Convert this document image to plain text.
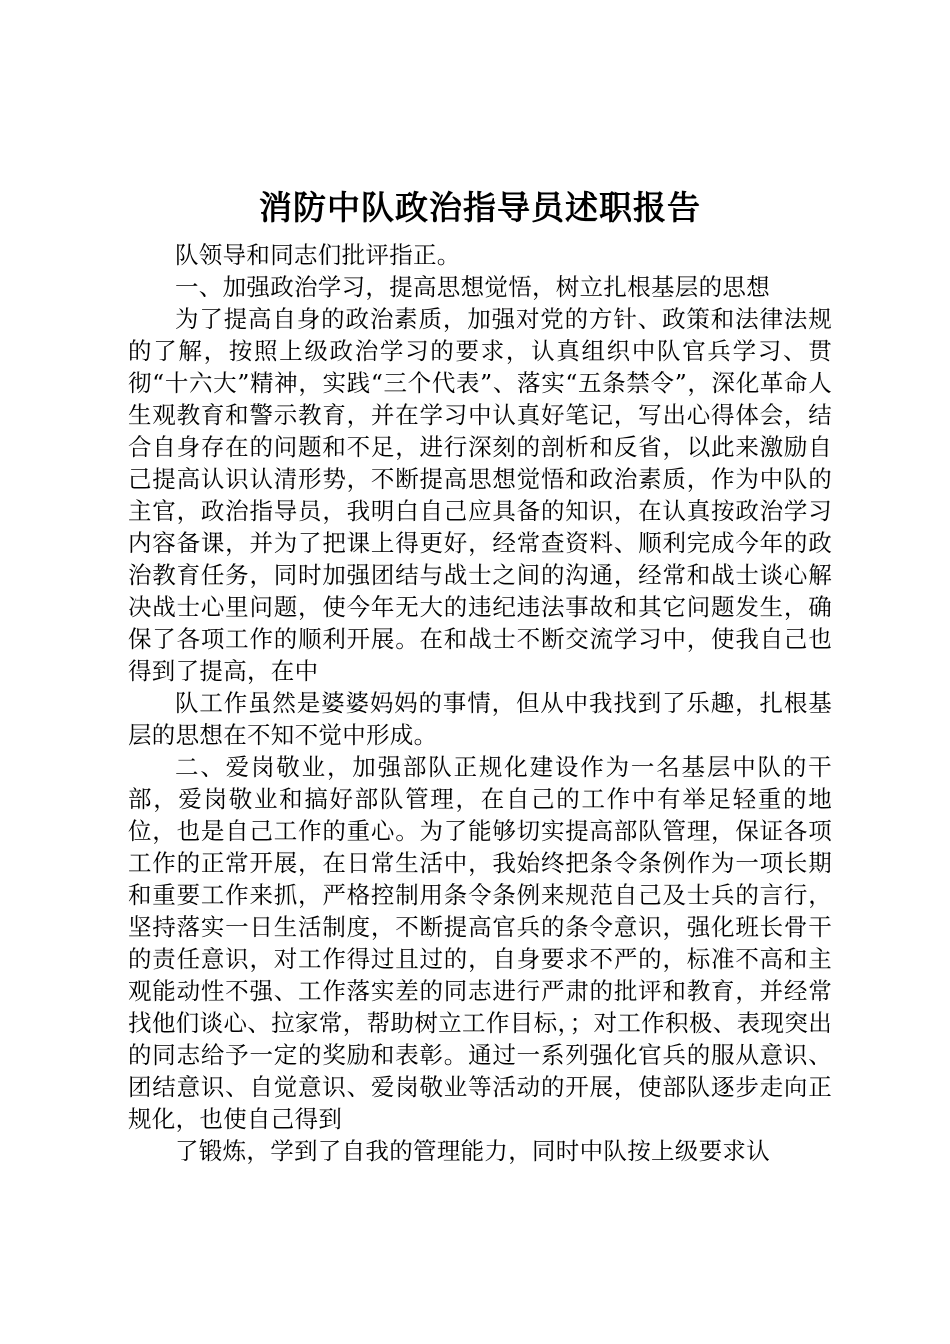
消防中队政治指导员述职报告

队领导和同志们批评指正。

一、加强政治学习，提高思想觉悟，树立扎根基层的思想

为了提高自身的政治素质，加强对党的方针、政策和法律法规的了解，按照上级政治学习的要求，认真组织中队官兵学习、贯彻“十六大”精神，实践“三个代表”、落实“五条禁令”，深化革命人生观教育和警示教育，并在学习中认真好笔记，写出心得体会，结合自身存在的问题和不足，进行深刻的剖析和反省，以此来激励自己提高认识认清形势，不断提高思想觉悟和政治素质，作为中队的主官，政治指导员，我明白自己应具备的知识，在认真按政治学习内容备课，并为了把课上得更好，经常查资料、顺利完成今年的政治教育任务，同时加强团结与战士之间的沟通，经常和战士谈心解决战士心里问题，使今年无大的违纪违法事故和其它问题发生，确保了各项工作的顺利开展。在和战士不断交流学习中，使我自己也得到了提高，在中

队工作虽然是婆婆妈妈的事情，但从中我找到了乐趣，扎根基层的思想在不知不觉中形成。

二、爱岗敬业，加强部队正规化建设作为一名基层中队的干部，爱岗敬业和搞好部队管理，在自己的工作中有举足轻重的地位，也是自己工作的重心。为了能够切实提高部队管理，保证各项工作的正常开展，在日常生活中，我始终把条令条例作为一项长期和重要工作来抓，严格控制用条令条例来规范自己及士兵的言行，坚持落实一日生活制度，不断提高官兵的条令意识，强化班长骨干的责任意识，对工作得过且过的，自身要求不严的，标准不高和主观能动性不强、工作落实差的同志进行严肃的批评和教育，并经常找他们谈心、拉家常，帮助树立工作目标，；对工作积极、表现突出的同志给予一定的奖励和表彰。通过一系列强化官兵的服从意识、团结意识、自觉意识、爱岗敬业等活动的开展，使部队逐步走向正规化，也使自己得到

了锻炼，学到了自我的管理能力，同时中队按上级要求认
